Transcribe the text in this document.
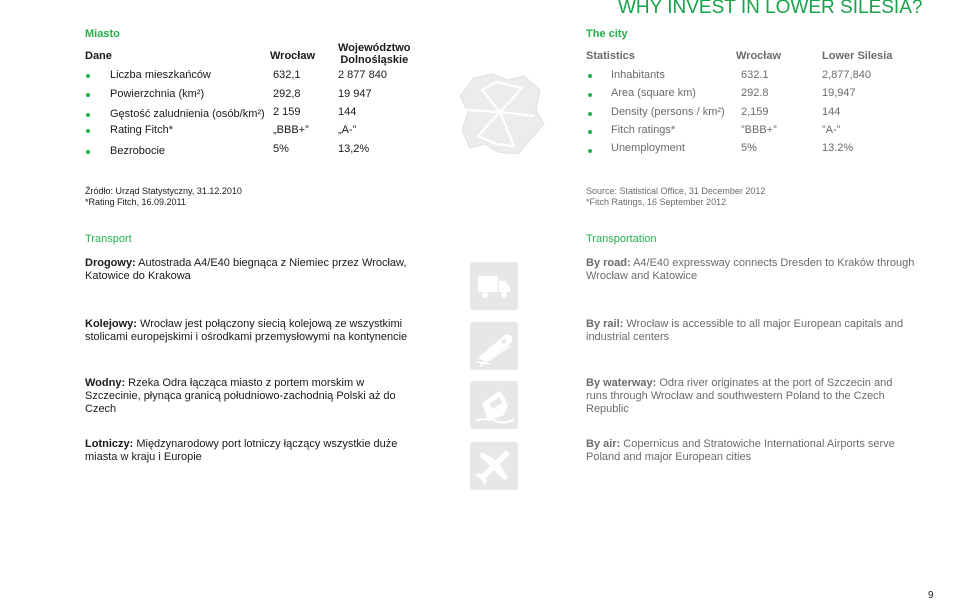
WHY INVEST IN LOWER SILESIA?
Miasto
Dane	Wrocław
Województwo
Dolnośląskie
Liczba mieszkańców	632,1	2 877 840
Powierzchnia (km²)	292,8	19 947
Gęstość zaludnienia (osób/km²) 2 159	144
Rating Fitch*	„BBB+”	„A-”
Bezrobocie	5%	13,2%
The city
Statistics	Wrocław	Lower Silesia
Inhabitants	632.1	2,877,840
Area (square km)	292.8	19,947
Density (persons / km²) 2,159	144
Fitch ratings*	”BBB+”	”A-”
Unemployment	5%	13.2%
Źródło: Urząd Statystyczny, 31.12.2010
*Rating Fitch, 16.09.2011
Source: Statistical Office, 31 December 2012
*Fitch Ratings, 16 September 2012
Transport	Transportation
Drogowy: Autostrada A4/E40 biegnąca z Niemiec przez Wrocław, Katowice do Krakowa
Kolejowy: Wrocław jest połączony siecią kolejową ze wszystkimi stolicami europejskimi i ośrodkami przemysłowymi na kontynencie
Wodny: Rzeka Odra łącząca miasto z portem morskim w Szczecinie, płynąca granicą południowo-zachodnią Polski aż do Czech
Lotniczy: Międzynarodowy port lotniczy łączący wszystkie duże miasta w kraju i Europie
By road: A4/E40 expressway connects Dresden to Kraków through Wrocław and Katowice
By rail: Wrocław is accessible to all major European capitals and industrial centers
By waterway: Odra river originates at the port of Szczecin and runs through Wrocław and southwestern Poland to the Czech Republic
By air: Copernicus and Stratowiche International Airports serve Poland and major European cities
9
